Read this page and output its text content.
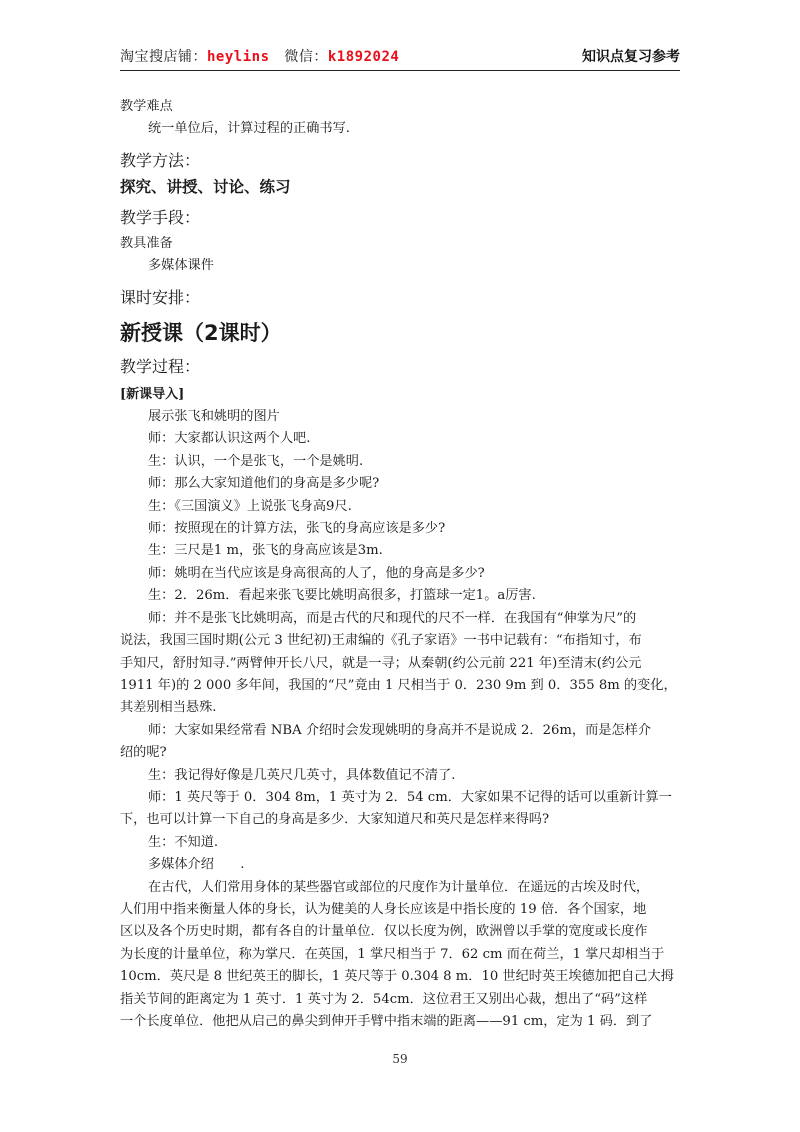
淘宝搜店铺：heylins 微信：k1892024	知识点复习参考
教学难点
统一单位后，计算过程的正确书写.
教学方法：
探究、讲授、讨论、练习
教学手段：
教具准备
多媒体课件
课时安排：
新授课（2课时）
教学过程：
[新课导入]
展示张飞和姚明的图片
师：大家都认识这两个人吧.
生：认识，一个是张飞，一个是姚明.
师：那么大家知道他们的身高是多少呢?
生：《三国演义》上说张飞身高9尺.
师：按照现在的计算方法，张飞的身高应该是多少?
生：三尺是1 m，张飞的身高应该是3m.
师：姚明在当代应该是身高很高的人了，他的身高是多少?
生：2．26m．看起来张飞要比姚明高很多，打篮球一定1。a厉害.
师：并不是张飞比姚明高，而是古代的尺和现代的尺不一样．在我国有“伸掌为尺”的
说法，我国三国时期(公元 3 世纪初)王肃编的《孔子家语》一书中记载有：“布指知寸，布
手知尺，舒肘知寻.”两臂伸开长八尺，就是一寻；从秦朝(约公元前 221 年)至清末(约公元
1911 年)的 2 000 多年间，我国的“尺”竟由 1 尺相当于 0．230 9m 到 0．355 8m 的变化，
其差别相当悬殊.
师：大家如果经常看 NBA 介绍时会发现姚明的身高并不是说成 2．26m，而是怎样介
绍的呢?
生：我记得好像是几英尺几英寸，具体数值记不清了.
师：1 英尺等于 0．304 8m，1 英寸为 2．54 cm．大家如果不记得的话可以重新计算一
下，也可以计算一下自己的身高是多少．大家知道尺和英尺是怎样来得吗?
生：不知道.
多媒体介绍　　.
在古代，人们常用身体的某些器官或部位的尺度作为计量单位．在遥远的古埃及时代，
人们用中指来衡量人体的身长，认为健美的人身长应该是中指长度的 19 倍．各个国家，地
区以及各个历史时期，都有各自的计量单位．仅以长度为例，欧洲曾以手掌的宽度或长度作
为长度的计量单位，称为掌尺．在英国，1 掌尺相当于 7．62 cm 而在荷兰，1 掌尺却相当于
10cm．英尺是 8 世纪英王的脚长，1 英尺等于 0.304 8 m．10 世纪时英王埃德加把自己大拇
指关节间的距离定为 1 英寸．1 英寸为 2．54cm．这位君王又别出心裁，想出了“码”这样
一个长度单位．他把从启己的鼻尖到伸开手臂中指末端的距离——91 cm，定为 1 码．到了
59
